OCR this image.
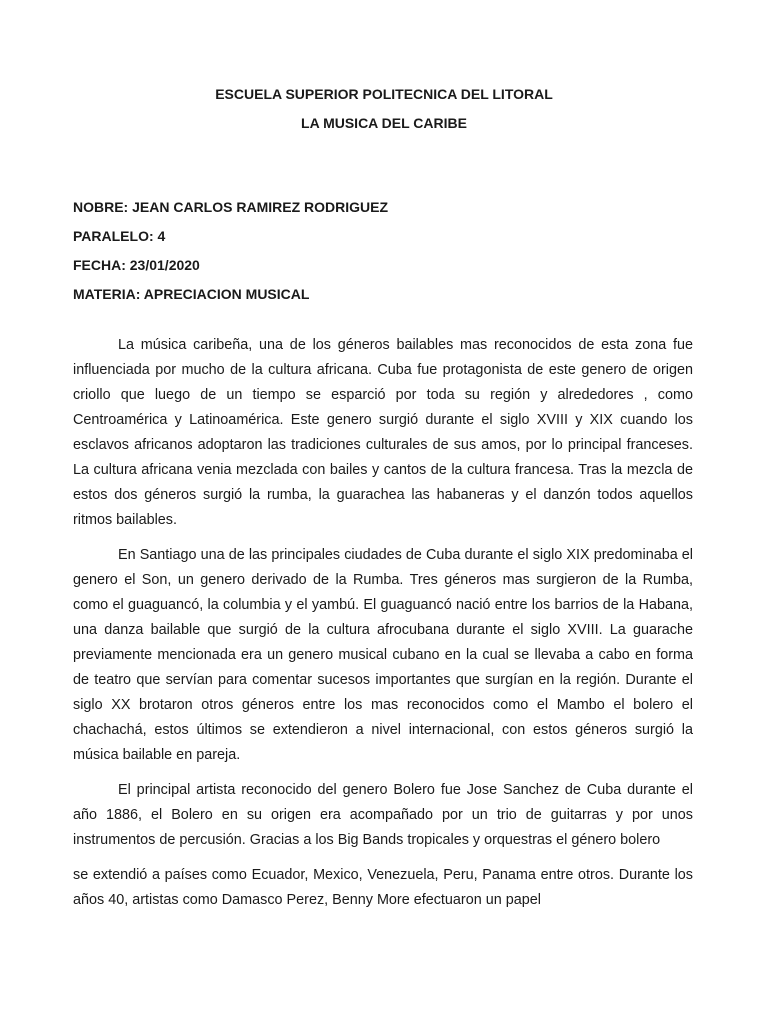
ESCUELA SUPERIOR POLITECNICA DEL LITORAL

LA MUSICA DEL CARIBE

NOBRE: JEAN CARLOS RAMIREZ RODRIGUEZ
PARALELO: 4
FECHA: 23/01/2020
MATERIA: APRECIACION MUSICAL

La música caribeña, una de los géneros bailables mas reconocidos de esta zona fue influenciada por mucho de la cultura africana. Cuba fue protagonista de este genero de origen criollo que luego de un tiempo se esparció por toda su región y alrededores , como Centroamérica y Latinoamérica. Este genero surgió durante el siglo XVIII y XIX cuando los esclavos africanos adoptaron las tradiciones culturales de sus amos, por lo principal franceses. La cultura africana venia mezclada con bailes y cantos de la cultura francesa. Tras la mezcla de estos dos géneros surgió la rumba, la guarachea las habaneras y el danzón todos aquellos ritmos bailables.

En Santiago una de las principales ciudades de Cuba durante el siglo XIX predominaba el genero el Son, un genero derivado de la Rumba. Tres géneros mas surgieron de la Rumba, como el guaguancó, la columbia y el yambú. El guaguancó nació entre los barrios de la Habana, una danza bailable que surgió de la cultura afrocubana durante el siglo XVIII. La guarache previamente mencionada era un genero musical cubano en la cual se llevaba a cabo en forma de teatro que servían para comentar sucesos importantes que surgían en la región. Durante el siglo XX brotaron otros géneros entre los mas reconocidos como el Mambo el bolero el chachachá, estos últimos se extendieron a nivel internacional, con estos géneros surgió la música bailable en pareja.

El principal artista reconocido del genero Bolero fue Jose Sanchez de Cuba durante el año 1886, el Bolero en su origen era acompañado por un trio de guitarras y por unos instrumentos de percusión. Gracias a los Big Bands tropicales y orquestras el género bolero

se extendió a países como Ecuador, Mexico, Venezuela, Peru, Panama entre otros. Durante los años 40, artistas como Damasco Perez, Benny More efectuaron un papel
